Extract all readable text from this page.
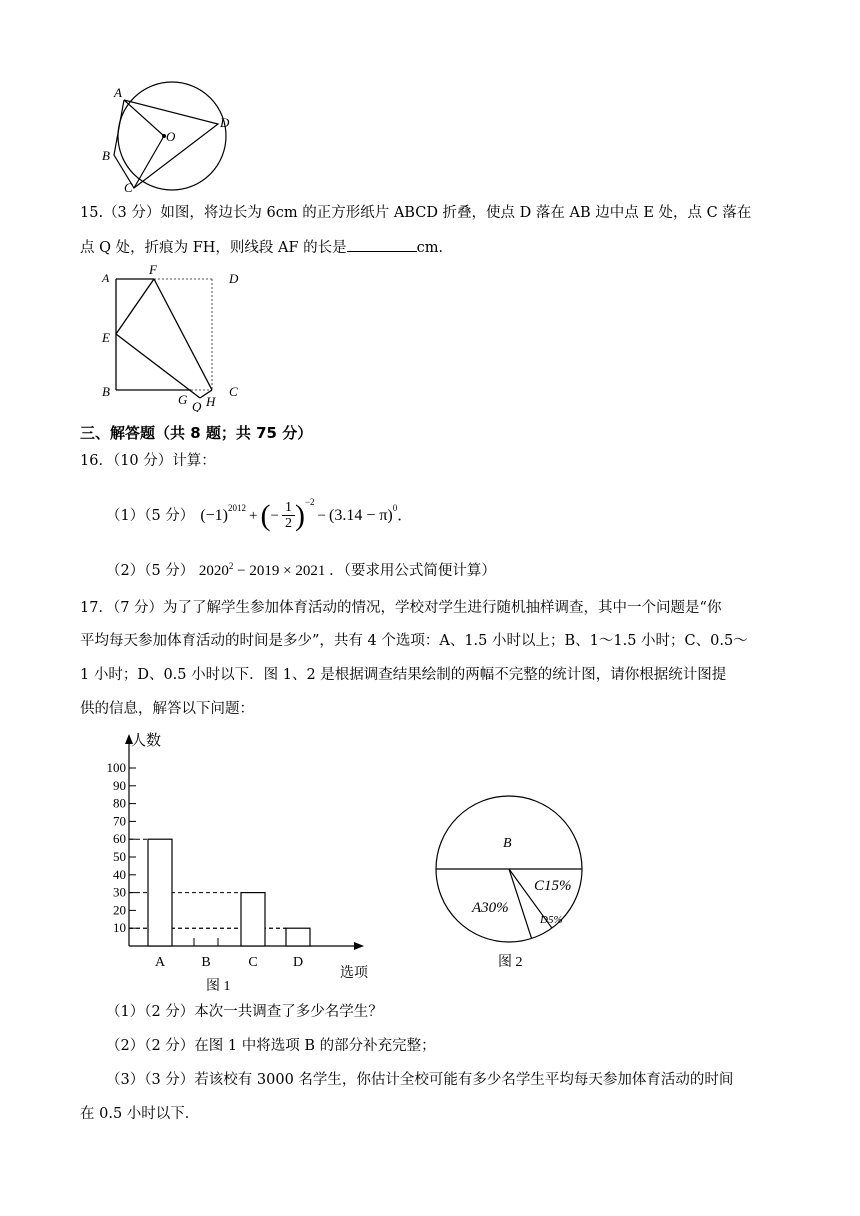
A
B
C
D
O
15.（3 分）如图，将边长为 6cm 的正方形纸片 ABCD 折叠，使点 D 落在 AB 边中点 E 处，点 C 落在
点 Q 处，折痕为 FH，则线段 AF 的长是	cm．
A
F
D
E
B
G Q H
C
三、解答题（共 8 题；共 75 分）
16．（10 分）计算：
（1）（5 分） $(-1)^{2012}$ + ( − $\frac{1}{2} )^{-2}$
− $(3.14 - \pi)^0$ ．
（2）（5 分） $2020^2 - 2019 \times 2021$ ．（要求用公式简便计算）
17．（7 分）为了了解学生参加体育活动的情况，学校对学生进行随机抽样调查，其中一个问题是“你
平均每天参加体育活动的时间是多少”，共有 4 个选项：A、1.5 小时以上；B、1～1.5 小时；C、0.5～
1 小时；D、0.5 小时以下．图 1、2 是根据调查结果绘制的两幅不完整的统计图，请你根据统计图提
供的信息，解答以下问题：
人数
选项
10
20
30
40
50
60
70
80
90
100
A	B	C	D
图 1
B
A30%
C15%
D5%
图 2
（1）（2 分）本次一共调查了多少名学生？
（2）（2 分）在图 1 中将选项 B 的部分补充完整；
（3）（3 分）若该校有 3000 名学生，你估计全校可能有多少名学生平均每天参加体育活动的时间
在 0.5 小时以下．
